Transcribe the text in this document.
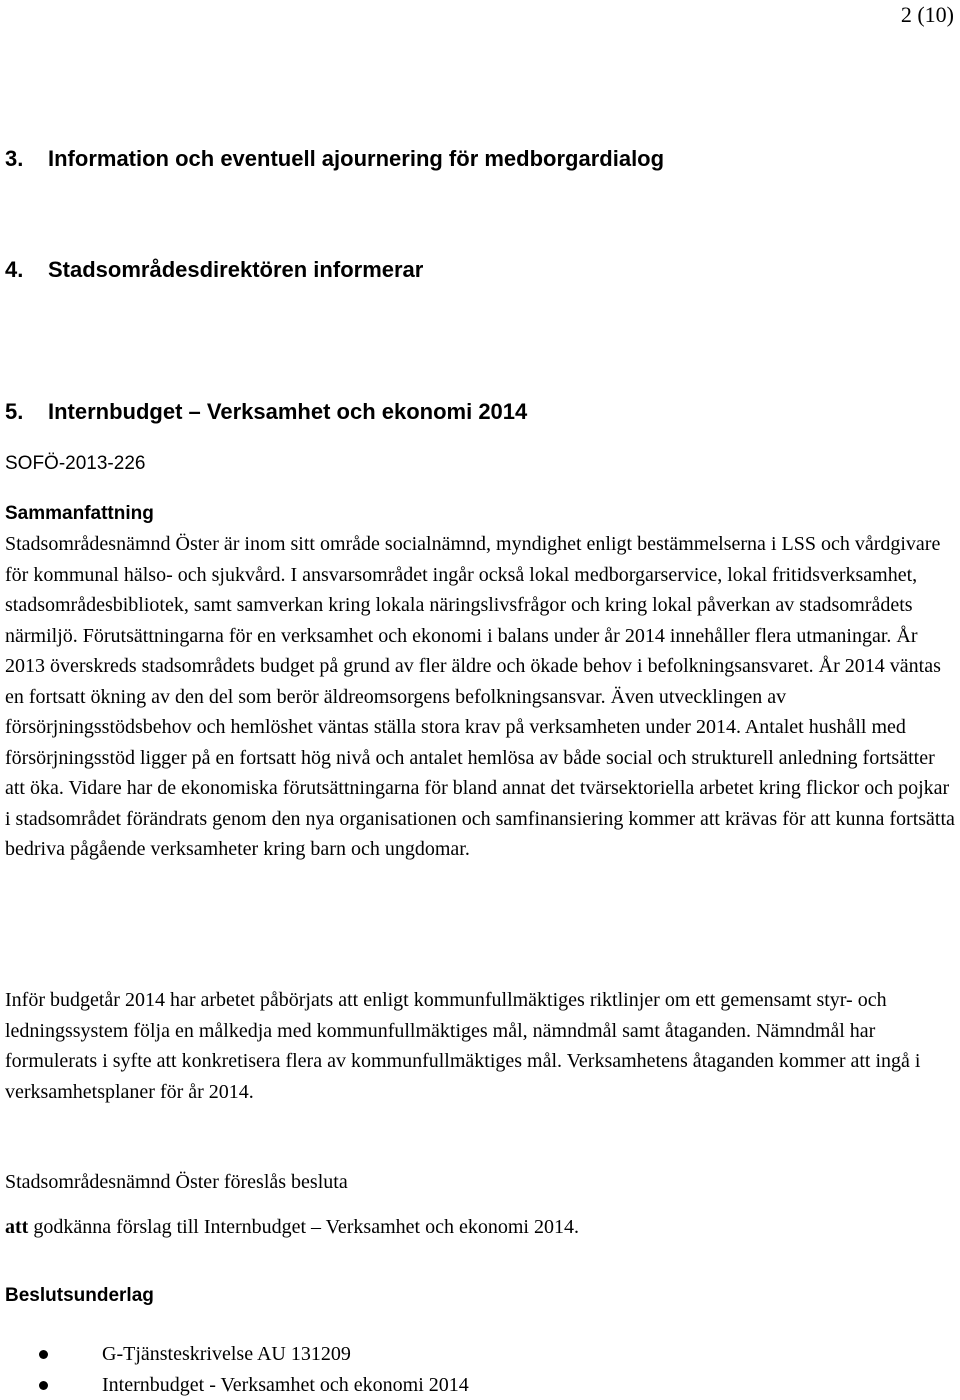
2 (10)
3. Information och eventuell ajournering för medborgardialog
4. Stadsområdesdirektören informerar
5. Internbudget – Verksamhet och ekonomi 2014
SOFÖ-2013-226
Sammanfattning

Stadsområdesnämnd Öster är inom sitt område socialnämnd, myndighet enligt bestämmelserna i LSS och vårdgivare för kommunal hälso- och sjukvård. I ansvarsområdet ingår också lokal medborgarservice, lokal fritidsverksamhet, stadsområdesbibliotek, samt samverkan kring lokala näringslivsfrågor och kring lokal påverkan av stadsområdets närmiljö. Förutsättningarna för en verksamhet och ekonomi i balans under år 2014 innehåller flera utmaningar. År 2013 överskreds stadsområdets budget på grund av fler äldre och ökade behov i befolkningsansvaret. År 2014 väntas en fortsatt ökning av den del som berör äldreomsorgens befolkningsansvar. Även utvecklingen av försörjningsstödsbehov och hemlöshet väntas ställa stora krav på verksamheten under 2014. Antalet hushåll med försörjningsstöd ligger på en fortsatt hög nivå och antalet hemlösa av både social och strukturell anledning fortsätter att öka. Vidare har de ekonomiska förutsättningarna för bland annat det tvärsektoriella arbetet kring flickor och pojkar i stadsområdet förändrats genom den nya organisationen och samfinansiering kommer att krävas för att kunna fortsätta bedriva pågående verksamheter kring barn och ungdomar.

Inför budgetår 2014 har arbetet påbörjats att enligt kommunfullmäktiges riktlinjer om ett gemensamt styr- och ledningssystem följa en målkedja med kommunfullmäktiges mål, nämndmål samt åtaganden. Nämndmål har formulerats i syfte att konkretisera flera av kommunfullmäktiges mål. Verksamhetens åtaganden kommer att ingå i verksamhetsplaner för år 2014.

Stadsområdesnämnd Öster föreslås besluta

att godkänna förslag till Internbudget – Verksamhet och ekonomi 2014.

Beslutsunderlag
G-Tjänsteskrivelse AU 131209
Internbudget - Verksamhet och ekonomi 2014
